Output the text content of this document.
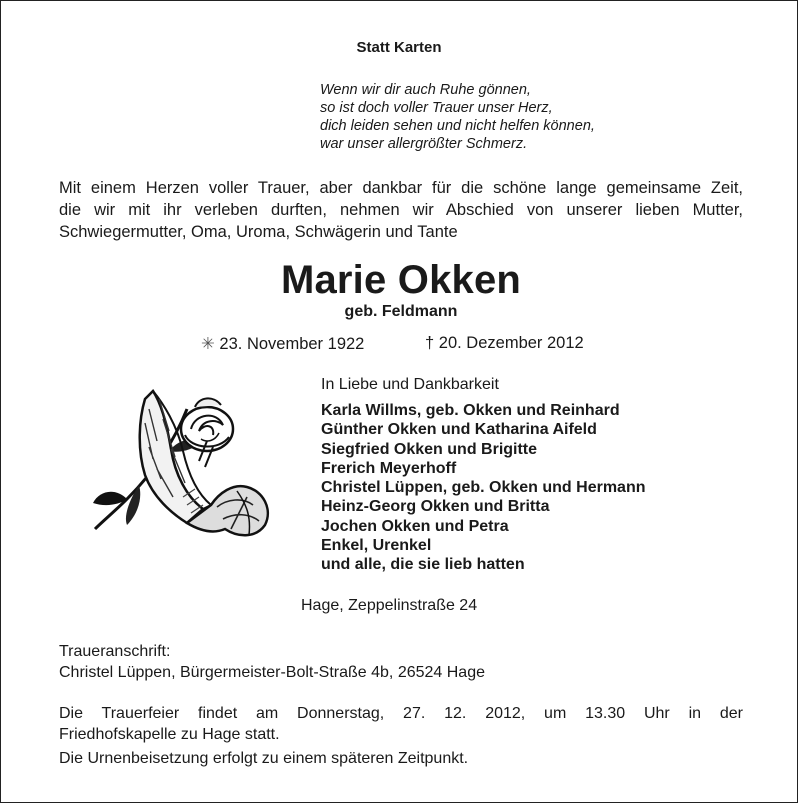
Statt Karten
Wenn wir dir auch Ruhe gönnen,
so ist doch voller Trauer unser Herz,
dich leiden sehen und nicht helfen können,
war unser allergrößter Schmerz.
Mit einem Herzen voller Trauer, aber dankbar für die schöne lange gemeinsame Zeit,
die wir mit ihr verleben durften, nehmen wir Abschied von unserer lieben Mutter,
Schwiegermutter, Oma, Uroma, Schwägerin und Tante
Marie Okken
geb. Feldmann
✳ 23. November 1922	† 20. Dezember 2012
In Liebe und Dankbarkeit
Karla Willms, geb. Okken und Reinhard
Günther Okken und Katharina Aifeld
Siegfried Okken und Brigitte
Frerich Meyerhoff
Christel Lüppen, geb. Okken und Hermann
Heinz-Georg Okken und Britta
Jochen Okken und Petra
Enkel, Urenkel
und alle, die sie lieb hatten
Hage, Zeppelinstraße 24
Traueranschrift:
Christel Lüppen, Bürgermeister-Bolt-Straße 4b, 26524 Hage
Die Trauerfeier findet am Donnerstag, 27. 12. 2012, um 13.30 Uhr in der
Friedhofskapelle zu Hage statt.
Die Urnenbeisetzung erfolgt zu einem späteren Zeitpunkt.
